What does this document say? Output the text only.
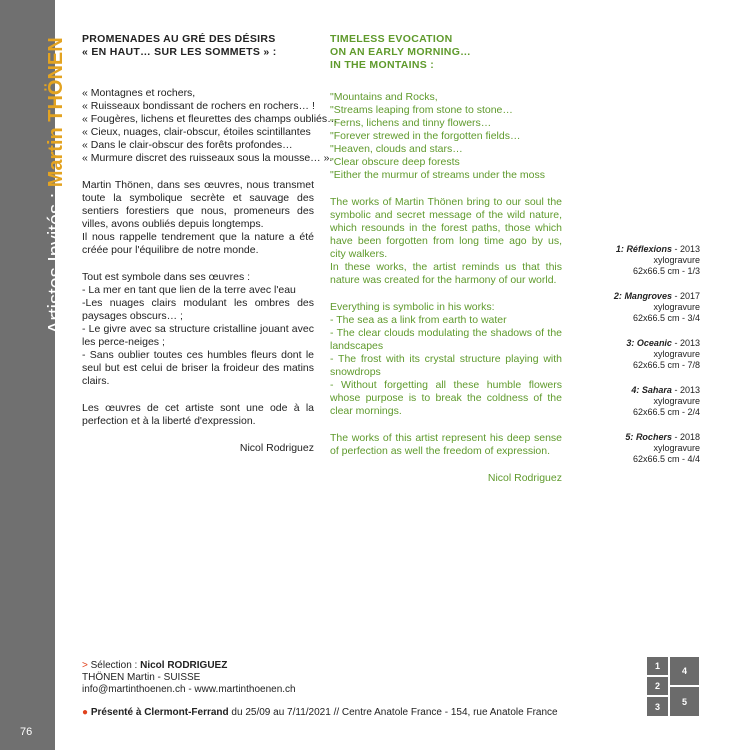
Artistes Invités : Martin THÖNEN
76
PROMENADES AU GRÉ DES DÉSIRS
« EN HAUT… SUR LES SOMMETS » :
« Montagnes et rochers,
« Ruisseaux bondissant de rochers en rochers… !
« Fougères, lichens et fleurettes des champs oubliés…
« Cieux, nuages, clair-obscur, étoiles scintillantes
« Dans le clair-obscur des forêts profondes…
« Murmure discret des ruisseaux sous la mousse… ».
Martin Thönen, dans ses œuvres, nous transmet toute la symbolique secrète et sauvage des sentiers forestiers que nous, promeneurs des villes, avons oubliés depuis longtemps.
Il nous rappelle tendrement que la nature a été créée pour l'équilibre de notre monde.
Tout est symbole dans ses œuvres :
- La mer en tant que lien de la terre avec l'eau
-Les nuages clairs modulant les ombres des paysages obscurs… ;
- Le givre avec sa structure cristalline jouant avec les perce-neiges ;
- Sans oublier toutes ces humbles fleurs dont le seul but est celui de briser la froideur des matins clairs.
Les œuvres de cet artiste sont une ode à la perfection et à la liberté d'expression.
Nicol Rodriguez
TIMELESS EVOCATION
ON AN EARLY MORNING…
IN THE MONTAINS :
"Mountains and Rocks,
"Streams leaping from stone to stone…
"Ferns, lichens and tinny flowers…
"Forever strewed in the forgotten fields…
"Heaven, clouds and stars…
"Clear obscure deep forests
"Either the murmur of streams under the moss
The works of Martin Thönen bring to our soul the symbolic and secret message of the wild nature, which resounds in the forest paths, those which have been forgotten from long time ago by us, city walkers.
In these works, the artist reminds us that this nature was created for the harmony of our world.
Everything is symbolic in his works:
- The sea as a link from earth to water
- The clear clouds modulating the shadows of the landscapes
- The frost with its crystal structure playing with snowdrops
- Without forgetting all these humble flowers whose purpose is to break the coldness of the clear mornings.
The works of this artist represent his deep sense of perfection as well the freedom of expression.
Nicol Rodriguez
1: Réflexions - 2013
xylogravure
62x66.5 cm - 1/3
2: Mangroves - 2017
xylogravure
62x66.5 cm - 3/4
3: Oceanic - 2013
xylogravure
62x66.5 cm - 7/8
4: Sahara - 2013
xylogravure
62x66.5 cm - 2/4
5: Rochers - 2018
xylogravure
62x66.5 cm - 4/4
> Sélection : Nicol RODRIGUEZ
THÖNEN Martin - SUISSE
info@martinthoenen.ch - www.martinthoenen.ch
● Présenté à Clermont-Ferrand du 25/09 au 7/11/2021 // Centre Anatole France - 154, rue Anatole France
1
2
3
4
5
